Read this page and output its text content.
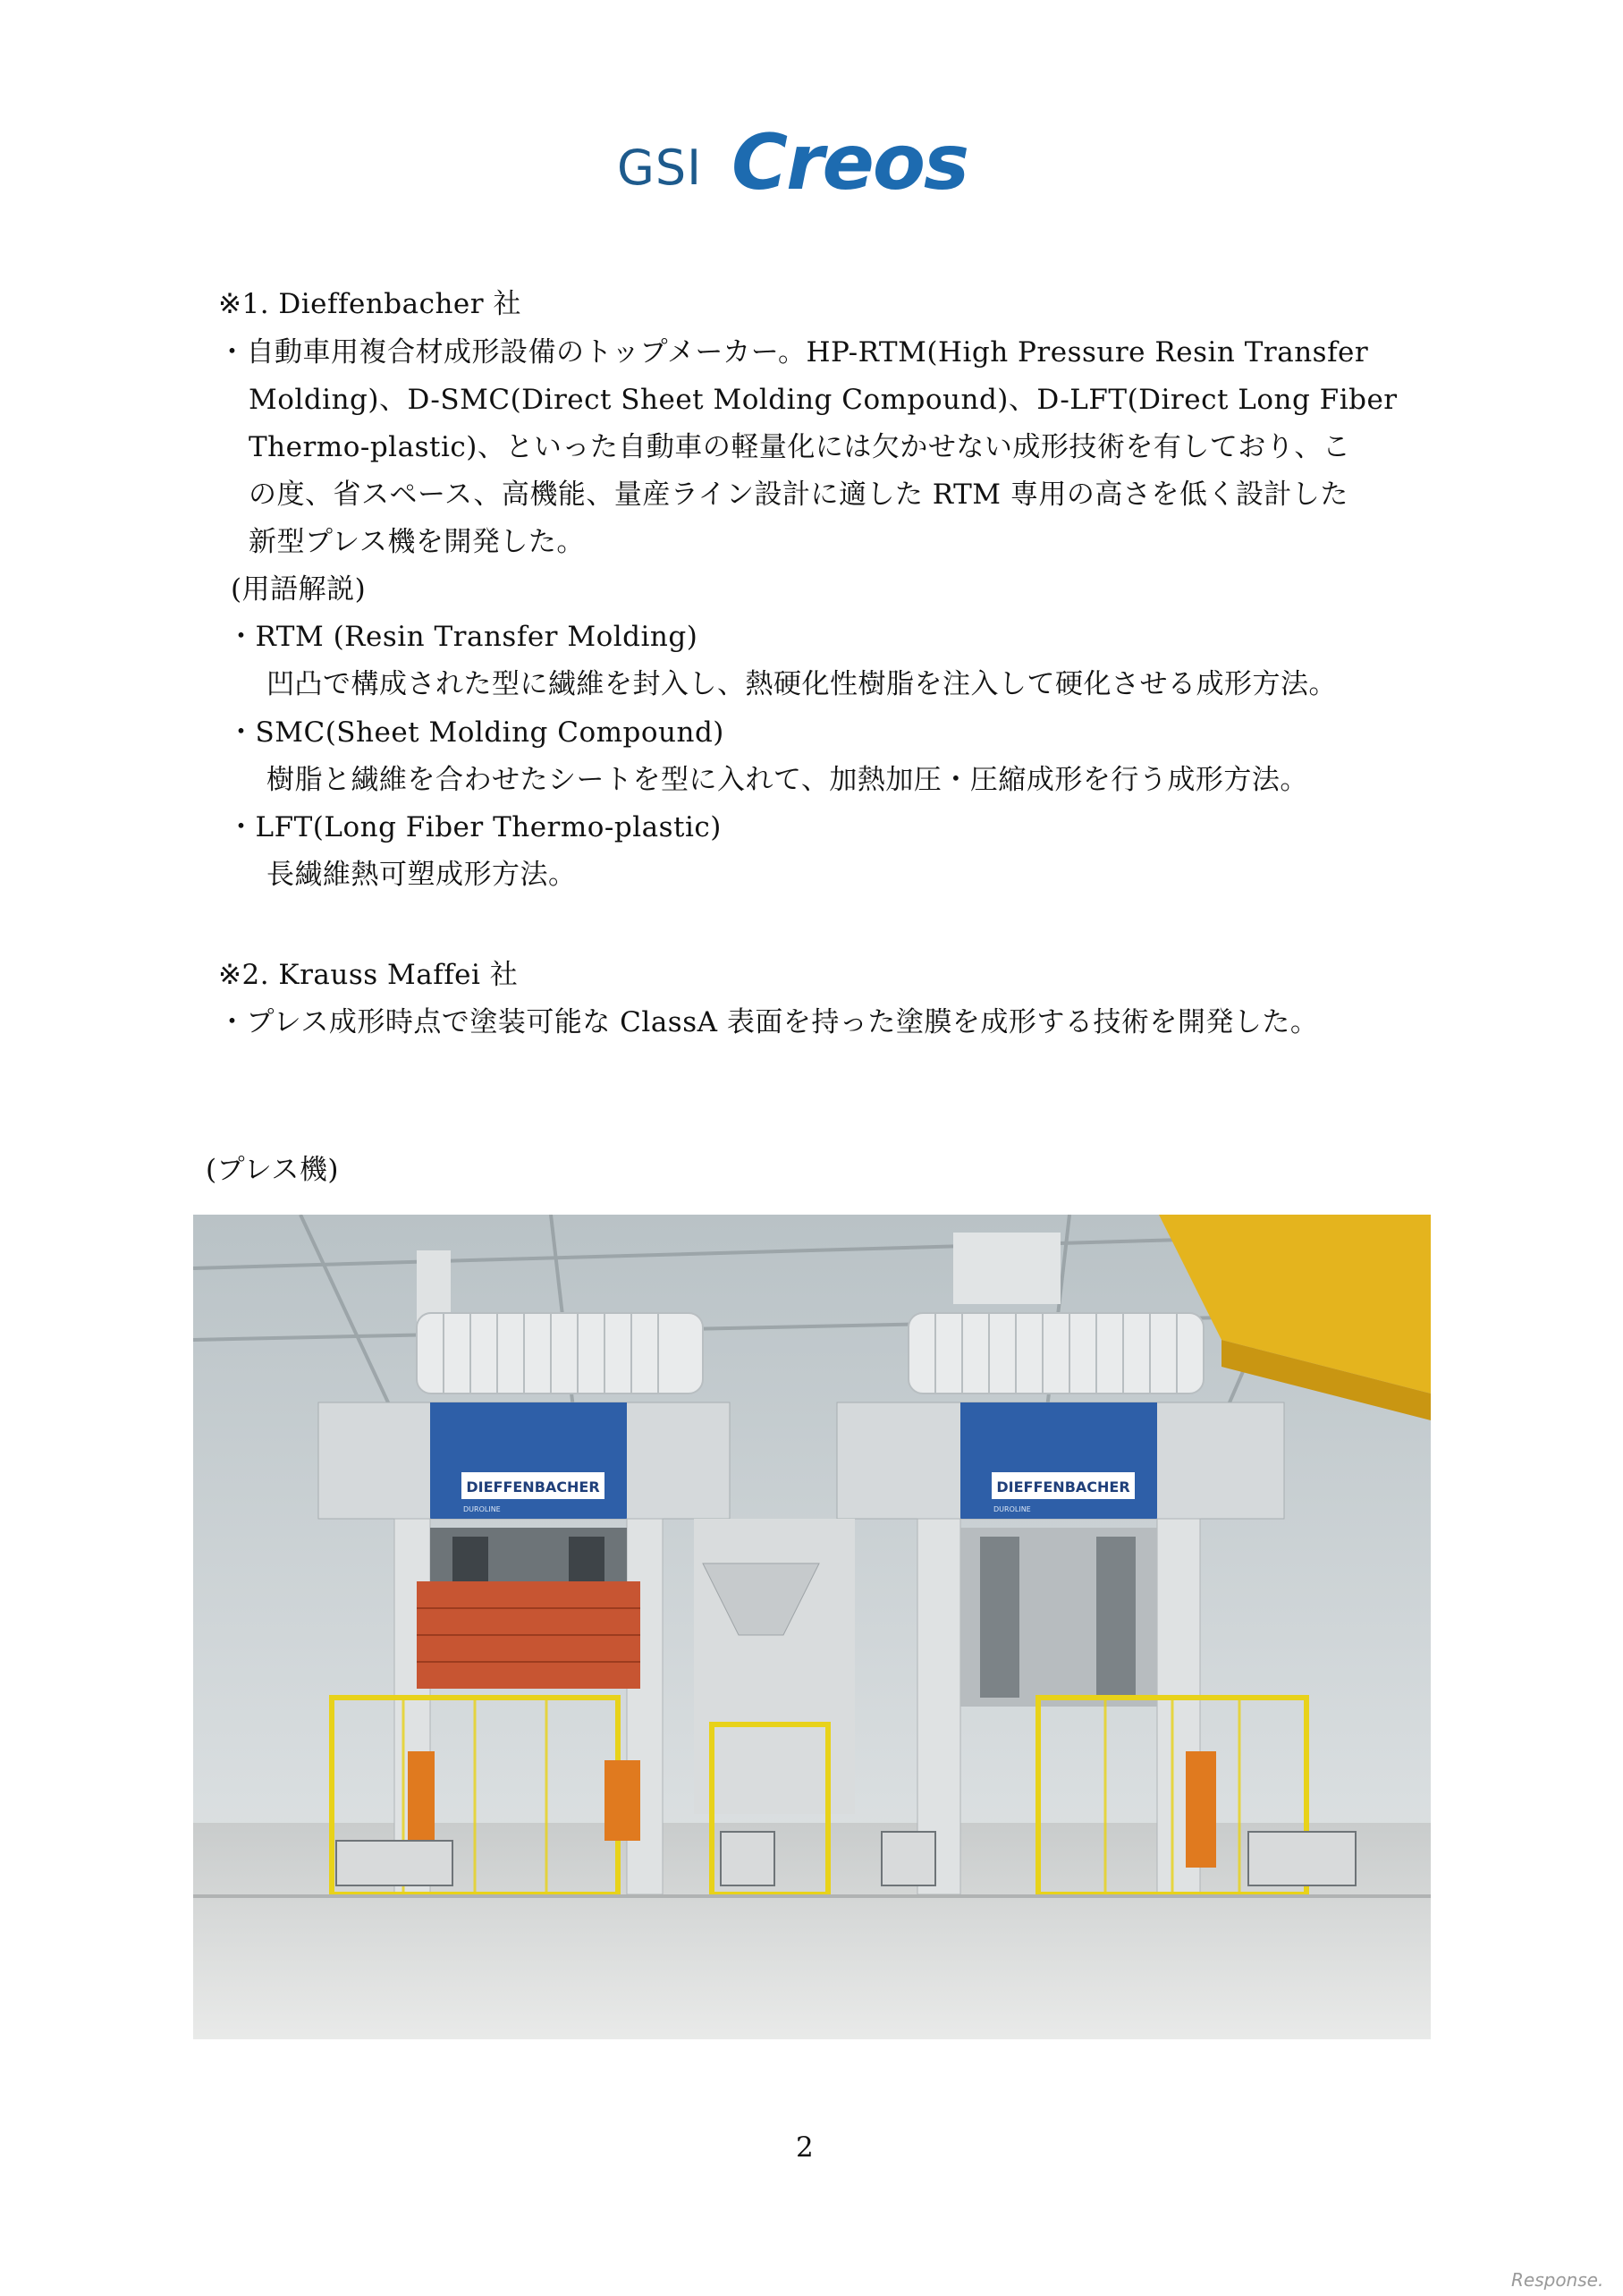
GSI Creos
※1. Dieffenbacher 社
・自動車用複合材成形設備のトップメーカー。HP-RTM(High Pressure Resin Transfer
Molding)、D-SMC(Direct Sheet Molding Compound)、D-LFT(Direct Long Fiber
Thermo-plastic)、といった自動車の軽量化には欠かせない成形技術を有しており、こ
の度、省スペース、高機能、量産ライン設計に適した RTM 専用の高さを低く設計した
新型プレス機を開発した。
(用語解説)
・RTM (Resin Transfer Molding)
凹凸で構成された型に繊維を封入し、熱硬化性樹脂を注入して硬化させる成形方法。
・SMC(Sheet Molding Compound)
樹脂と繊維を合わせたシートを型に入れて、加熱加圧・圧縮成形を行う成形方法。
・LFT(Long Fiber Thermo-plastic)
長繊維熱可塑成形方法。
※2. Krauss Maffei 社
・プレス成形時点で塗装可能な ClassA 表面を持った塗膜を成形する技術を開発した。
(プレス機)
DIEFFENBACHER
DUROLINE
DIEFFENBACHER
DUROLINE
2
Response.
